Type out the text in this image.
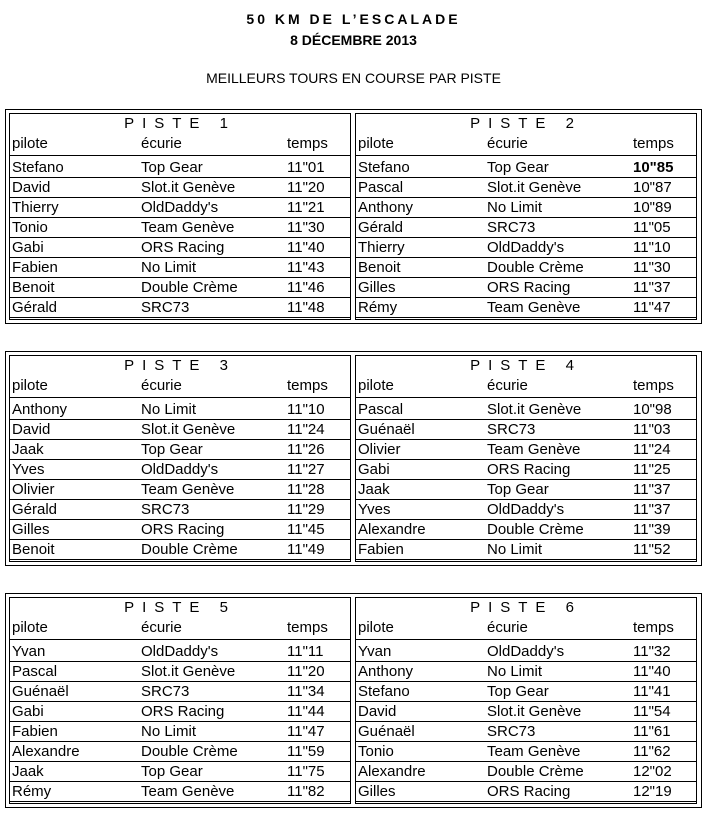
50 KM DE L’ESCALADE
8 DÉCEMBRE 2013
MEILLEURS TOURS EN COURSE PAR PISTE
PISTE 1
pilote	écurie	temps
Stefano	Top Gear	11"01
David	Slot.it Genève	11"20
Thierry	OldDaddy's	11"21
Tonio	Team Genève	11"30
Gabi	ORS Racing	11"40
Fabien	No Limit	11"43
Benoit	Double Crème	11"46
Gérald	SRC73	11"48
PISTE 2
pilote	écurie	temps
Stefano	Top Gear	10"85
Pascal	Slot.it Genève	10"87
Anthony	No Limit	10"89
Gérald	SRC73	11"05
Thierry	OldDaddy's	11"10
Benoit	Double Crème	11"30
Gilles	ORS Racing	11"37
Rémy	Team Genève	11"47
PISTE 3
pilote	écurie	temps
Anthony	No Limit	11"10
David	Slot.it Genève	11"24
Jaak	Top Gear	11"26
Yves	OldDaddy's	11"27
Olivier	Team Genève	11"28
Gérald	SRC73	11"29
Gilles	ORS Racing	11"45
Benoit	Double Crème	11"49
PISTE 4
pilote	écurie	temps
Pascal	Slot.it Genève	10"98
Guénaël	SRC73	11"03
Olivier	Team Genève	11"24
Gabi	ORS Racing	11"25
Jaak	Top Gear	11"37
Yves	OldDaddy's	11"37
Alexandre	Double Crème	11"39
Fabien	No Limit	11"52
PISTE 5
pilote	écurie	temps
Yvan	OldDaddy's	11"11
Pascal	Slot.it Genève	11"20
Guénaël	SRC73	11"34
Gabi	ORS Racing	11"44
Fabien	No Limit	11"47
Alexandre	Double Crème	11"59
Jaak	Top Gear	11"75
Rémy	Team Genève	11"82
PISTE 6
pilote	écurie	temps
Yvan	OldDaddy's	11"32
Anthony	No Limit	11"40
Stefano	Top Gear	11"41
David	Slot.it Genève	11"54
Guénaël	SRC73	11"61
Tonio	Team Genève	11"62
Alexandre	Double Crème	12"02
Gilles	ORS Racing	12"19
